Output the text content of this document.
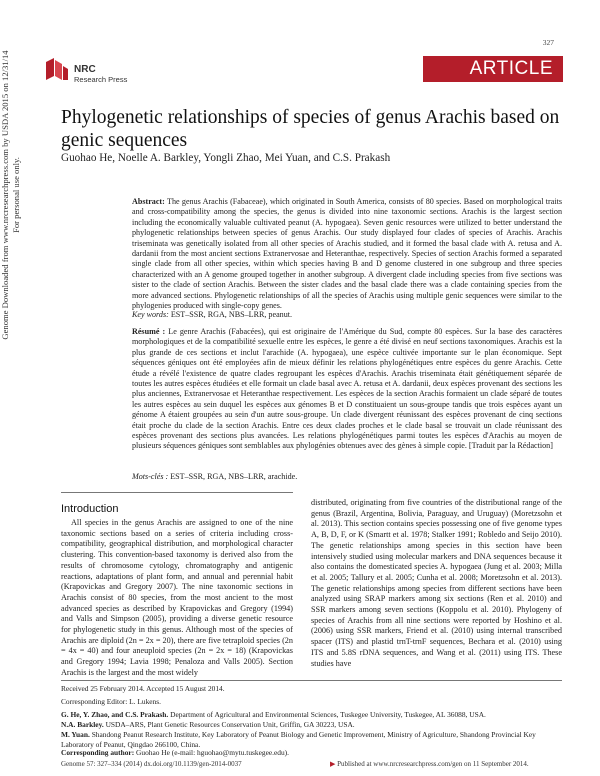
Genome Downloaded from www.nrcresearchpress.com by USDA 2015 on 12/31/14 For personal use only.
327
NRC
Research Press
ARTICLE
Phylogenetic relationships of species of genus Arachis based on genic sequences
Guohao He, Noelle A. Barkley, Yongli Zhao, Mei Yuan, and C.S. Prakash
Abstract: The genus Arachis (Fabaceae), which originated in South America, consists of 80 species. Based on morphological traits and cross-compatibility among the species, the genus is divided into nine taxonomic sections. Arachis is the largest section including the economically valuable cultivated peanut (A. hypogaea). Seven genic resources were utilized to better understand the phylogenetic relationships between species of genus Arachis. Our study displayed four clades of species of Arachis. Arachis triseminata was genetically isolated from all other species of Arachis studied, and it formed the basal clade with A. retusa and A. dardanii from the most ancient sections Extranervosae and Heteranthae, respectively. Species of section Arachis formed a separated single clade from all other species, within which species having B and D genome clustered in one subgroup and three species characterized with an A genome grouped together in another subgroup. A divergent clade including species from five sections was sister to the clade of section Arachis. Between the sister clades and the basal clade there was a clade containing species from the more advanced sections. Phylogenetic relationships of all the species of Arachis using multiple genic sequences were similar to the phylogenies produced with single-copy genes.
Key words: EST–SSR, RGA, NBS–LRR, peanut.
Résumé : Le genre Arachis (Fabacées), qui est originaire de l'Amérique du Sud, compte 80 espèces. Sur la base des caractères morphologiques et de la compatibilité sexuelle entre les espèces, le genre a été divisé en neuf sections taxonomiques. Arachis est la plus grande de ces sections et inclut l'arachide (A. hypogaea), une espèce cultivée importante sur le plan économique. Sept séquences géniques ont été employées afin de mieux définir les relations phylogénétiques entre espèces du genre Arachis. Cette étude a révélé l'existence de quatre clades regroupant les espèces d'Arachis. Arachis triseminata était génétiquement séparée de toutes les autres espèces étudiées et elle formait un clade basal avec A. retusa et A. dardanii, deux espèces provenant des sections les plus anciennes, Extranervosae et Heteranthae respectivement. Les espèces de la section Arachis formaient un clade séparé de toutes les autres espèces au sein duquel les espèces aux génomes B et D constituaient un sous-groupe tandis que trois espèces ayant un génome A étaient groupées au sein d'un autre sous-groupe. Un clade divergent réunissant des espèces provenant de cinq sections était proche du clade de la section Arachis. Entre ces deux clades proches et le clade basal se trouvait un clade réunissant des espèces provenant des sections plus avancées. Les relations phylogénétiques parmi toutes les espèces d'Arachis au moyen de plusieurs séquences géniques sont semblables aux phylogénies obtenues avec des gènes à simple copie. [Traduit par la Rédaction]
Mots-clés : EST–SSR, RGA, NBS–LRR, arachide.
Introduction
All species in the genus Arachis are assigned to one of the nine taxonomic sections based on a series of criteria including cross-compatibility, geographical distribution, and morphological character clustering. This convention-based taxonomy is derived also from the results of chromosome cytology, chromatography and antigenic reactions, adaptations of plant form, and annual and perennial habit (Krapovickas and Gregory 2007). The nine taxonomic sections in Arachis consist of 80 species, from the most ancient to the most advanced species as described by Krapovickas and Gregory (1994) and Valls and Simpson (2005), providing a diverse genetic resource for phylogenetic study in this genus. Although most of the species of Arachis are diploid (2n = 2x = 20), there are five tetraploid species (2n = 4x = 40) and four aneuploid species (2n = 2x = 18) (Krapovickas and Gregory 1994; Lavia 1998; Penaloza and Valls 2005). Section Arachis is the largest and the most widely
distributed, originating from five countries of the distributional range of the genus (Brazil, Argentina, Bolivia, Paraguay, and Uruguay) (Moretzsohn et al. 2013). This section contains species possessing one of five genome types A, B, D, F, or K (Smartt et al. 1978; Stalker 1991; Robledo and Seijo 2010). The genetic relationships among species in this section have been intensively studied using molecular markers and DNA sequences because it also contains the domesticated species A. hypogaea (Jung et al. 2003; Milla et al. 2005; Tallury et al. 2005; Cunha et al. 2008; Moretzsohn et al. 2013). The genetic relationships among species from different sections have been analyzed using SRAP markers among six sections (Ren et al. 2010) and SSR markers among seven sections (Koppolu et al. 2010). Phylogeny of species of Arachis from all nine sections were reported by Hoshino et al. (2006) using SSR markers, Friend et al. (2010) using internal transcribed spacer (ITS) and plastid trnT-trnF sequences, Bechara et al. (2010) using ITS and 5.8S rDNA sequences, and Wang et al. (2011) using ITS. These studies have
Received 25 February 2014. Accepted 15 August 2014.
Corresponding Editor: L. Lukens.
G. He, Y. Zhao, and C.S. Prakash. Department of Agricultural and Environmental Sciences, Tuskegee University, Tuskegee, AL 36088, USA.
N.A. Barkley. USDA–ARS, Plant Genetic Resources Conservation Unit, Griffin, GA 30223, USA.
M. Yuan. Shandong Peanut Research Institute, Key Laboratory of Peanut Biology and Genetic Improvement, Ministry of Agriculture, Shandong Provincial Key Laboratory of Peanut, Qingdao 266100, China.
Corresponding author: Guohao He (e-mail: hguohao@mytu.tuskegee.edu).
Genome 57: 327–334 (2014) dx.doi.org/10.1139/gen-2014-0037	▶ Published at www.nrcresearchpress.com/gen on 11 September 2014.
